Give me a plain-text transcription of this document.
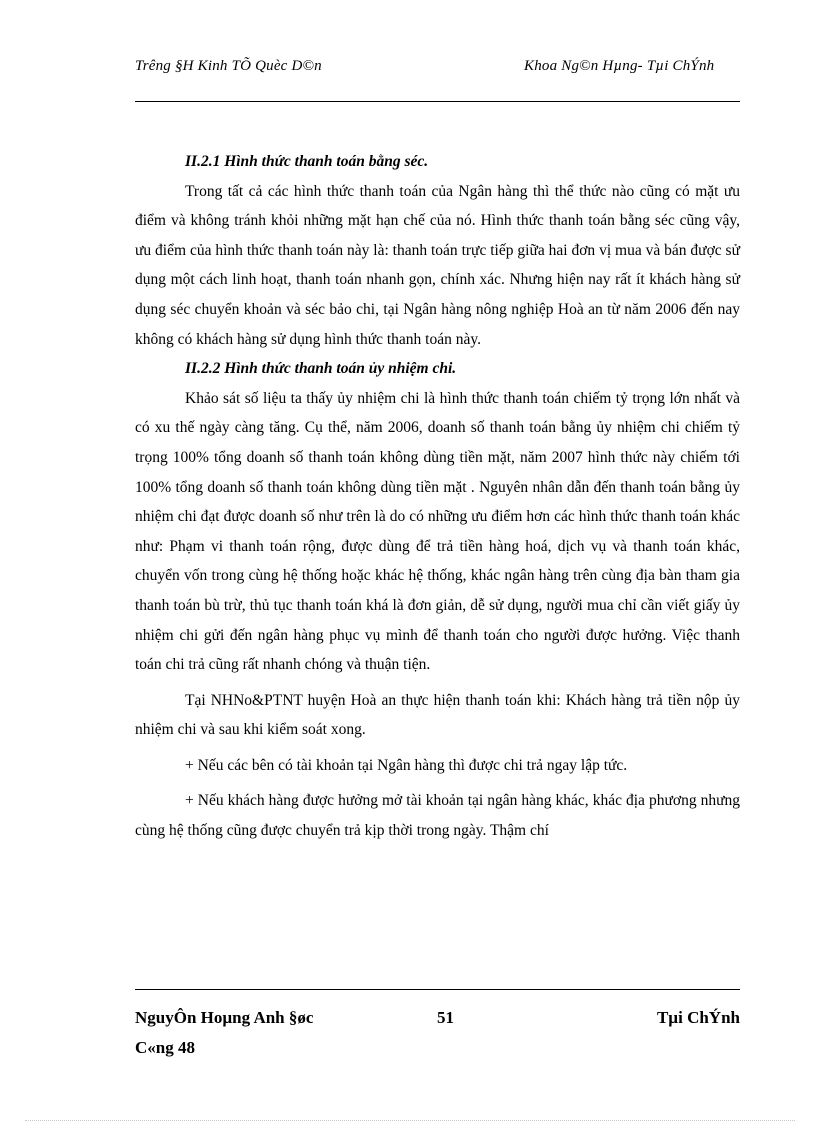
Trêng §H Kinh TÕ Quèc D©n	Khoa Ng©n Hµng- Tµi ChÝnh

II.2.1 Hình thức thanh toán bằng séc.

Trong tất cả các hình thức thanh toán của Ngân hàng thì thể thức nào cũng có mặt ưu điểm và không tránh khỏi những mặt hạn chế của nó. Hình thức thanh toán bằng séc cũng vậy, ưu điểm của hình thức thanh toán này là: thanh toán trực tiếp giữa hai đơn vị mua và bán được sử dụng một cách linh hoạt, thanh toán nhanh gọn, chính xác. Nhưng hiện nay rất ít khách hàng sử dụng séc chuyển khoản và séc bảo chi, tại Ngân hàng nông nghiệp Hoà an từ năm 2006 đến nay không có khách hàng sử dụng hình thức thanh toán này.

II.2.2 Hình thức thanh toán ủy nhiệm chi.

Khảo sát số liệu ta thấy ủy nhiệm chi là hình thức thanh toán chiếm tỷ trọng lớn nhất và có xu thế ngày càng tăng. Cụ thể, năm 2006, doanh số thanh toán bằng ủy nhiệm chi chiếm tỷ trọng 100% tổng doanh số thanh toán không dùng tiền mặt, năm 2007 hình thức này chiếm tới 100% tổng doanh số thanh toán không dùng tiền mặt . Nguyên nhân dẫn đến thanh toán bằng ủy nhiệm chi đạt được doanh số như trên là do có những ưu điểm hơn các hình thức thanh toán khác như: Phạm vi thanh toán rộng, được dùng để trả tiền hàng hoá, dịch vụ và thanh toán khác, chuyển vốn trong cùng hệ thống hoặc khác hệ thống, khác ngân hàng trên cùng địa bàn tham gia thanh toán bù trừ, thủ tục thanh toán khá là đơn giản, dễ sử dụng, người mua chỉ cần viết giấy ủy nhiệm chi gửi đến ngân hàng phục vụ mình để thanh toán cho người được hưởng. Việc thanh toán chi trả cũng rất nhanh chóng và thuận tiện.

Tại NHNo&PTNT huyện Hoà an thực hiện thanh toán khi: Khách hàng trả tiền nộp ủy nhiệm chi và sau khi kiểm soát xong.

+ Nếu các bên có tài khoản tại Ngân hàng thì được chi trả ngay lập tức.

+ Nếu khách hàng được hưởng mở tài khoản tại ngân hàng khác, khác địa phương nhưng cùng hệ thống cũng được chuyển trả kịp thời trong ngày. Thậm chí

NguyÔn Hoµng Anh §øc	51	Tµi ChÝnh
C«ng 48
